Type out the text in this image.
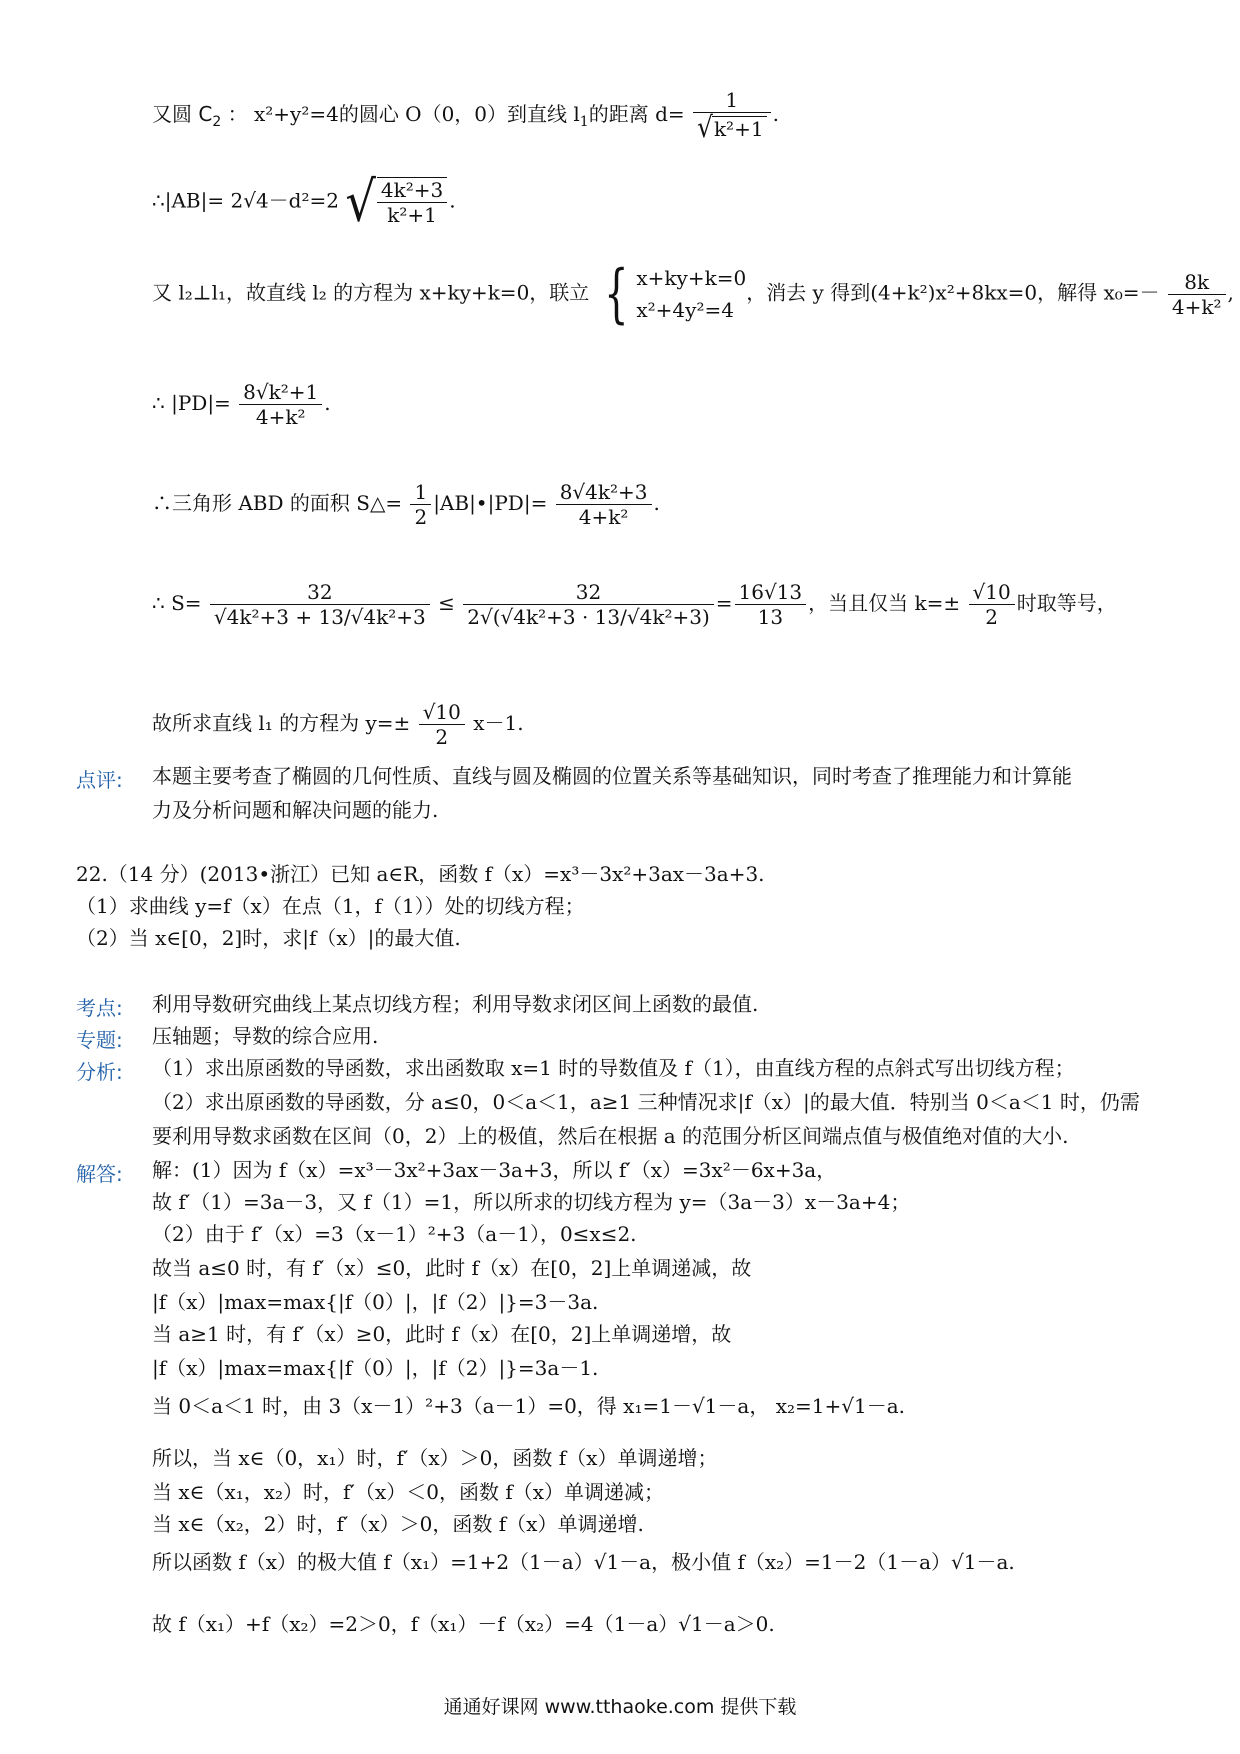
又圆 $C_2$ ： x²+y²=4的圆心 O（0，0）到直线 $l_1$的距离 $d= \frac{1}{\text{√k²+1}}$ .
∴|AB|= 2√4－d²=2 √ $\frac{\text{4k²+3}}{\text{k²+1}}$ .
又 l₂⊥l₁，故直线 l₂ 的方程为 x+ky+k=0，联立 { x+ky+k=0
x²+4y²=4
，消去 y 得到(4+k²)x²+8kx=0，解得 $x_0=- \frac{8k}{\text{4+k²}}$ ,
∴ $|PD|= \frac{\text{8√k²+1}}{\text{4+k²}}$ .
∴三角形 ABD 的面积 S△= $\frac{1}{2}$ |AB|•|PD|= $\frac{\text{8√4k²+3}}{\text{4+k²}}$ .
∴ $S= \frac{32}{\text{√4k²+3 + 13/√4k²+3}} \le \frac{32}{\text{2√(√4k²+3 · 13/√4k²+3)}} = \frac{16√13}{13}$ ，当且仅当 $k=\pm \frac{√10}{2}$ 时取等号，
故所求直线 l₁ 的方程为 $y=\pm \frac{√10}{2} x-1$.
点评: 本题主要考查了椭圆的几何性质、直线与圆及椭圆的位置关系等基础知识，同时考查了推理能力和计算能
力及分析问题和解决问题的能力.
22.（14 分）(2013•浙江）已知 a∈R，函数 f（x）=x³－3x²+3ax－3a+3.
（1）求曲线 y=f（x）在点（1，f（1））处的切线方程；
（2）当 x∈[0，2]时，求|f（x）|的最大值.
考点: 利用导数研究曲线上某点切线方程；利用导数求闭区间上函数的最值.
专题: 压轴题；导数的综合应用.
分析: （1）求出原函数的导函数，求出函数取 x=1 时的导数值及 f（1），由直线方程的点斜式写出切线方程；
（2）求出原函数的导函数，分 a≤0，0＜a＜1，a≥1 三种情况求|f（x）|的最大值．特别当 0＜a＜1 时，仍需
要利用导数求函数在区间（0，2）上的极值，然后在根据 a 的范围分析区间端点值与极值绝对值的大小.
解答: 解：(1）因为 f（x）=x³－3x²+3ax－3a+3，所以 f′（x）=3x²－6x+3a，
故 f′（1）=3a－3，又 f（1）=1，所以所求的切线方程为 y=（3a－3）x－3a+4；
（2）由于 f′（x）=3（x－1）²+3（a－1），0≤x≤2.
故当 a≤0 时，有 f′（x）≤0，此时 f（x）在[0，2]上单调递减，故
|f（x）|max=max{|f（0）|，|f（2）|}=3－3a.
当 a≥1 时，有 f′（x）≥0，此时 f（x）在[0，2]上单调递增，故
|f（x）|max=max{|f（0）|，|f（2）|}=3a－1.
当 0＜a＜1 时，由 3（x－1）²+3（a－1）=0，得 x₁=1－√1－a， x₂=1+√1－a.
所以，当 x∈（0，x₁）时，f′（x）＞0，函数 f（x）单调递增；
当 x∈（x₁，x₂）时，f′（x）＜0，函数 f（x）单调递减；
当 x∈（x₂，2）时，f′（x）＞0，函数 f（x）单调递增.
所以函数 f（x）的极大值 f（x₁）=1+2（1－a）√1－a，极小值 f（x₂）=1－2（1－a）√1－a.
故 f（x₁）+f（x₂）=2＞0，f（x₁）－f（x₂）=4（1－a）√1－a＞0.
通通好课网 www.tthaoke.com 提供下载
